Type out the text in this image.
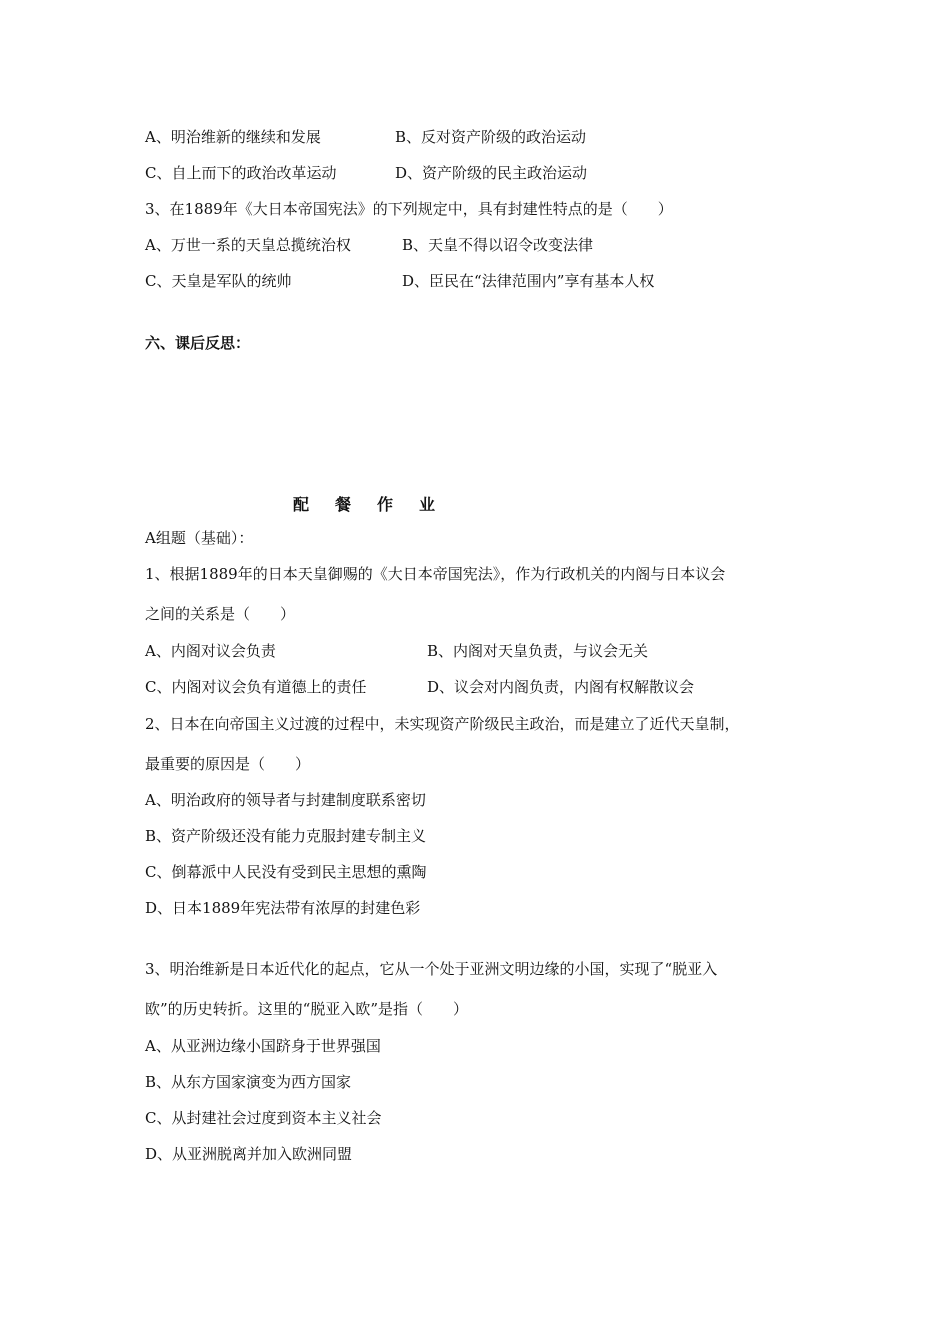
A、明治维新的继续和发展	B、反对资产阶级的政治运动
C、自上而下的政治改革运动	D、资产阶级的民主政治运动
3、在1889年《大日本帝国宪法》的下列规定中，具有封建性特点的是（　　）
A、万世一系的天皇总揽统治权	B、天皇不得以诏令改变法律
C、天皇是军队的统帅	D、臣民在“法律范围内”享有基本人权
六、课后反思：
配 餐 作 业
A组题（基础）：
1、根据1889年的日本天皇御赐的《大日本帝国宪法》，作为行政机关的内阁与日本议会
之间的关系是（　　）
A、内阁对议会负责	B、内阁对天皇负责，与议会无关
C、内阁对议会负有道德上的责任	D、议会对内阁负责，内阁有权解散议会
2、日本在向帝国主义过渡的过程中，未实现资产阶级民主政治，而是建立了近代天皇制，
最重要的原因是（　　）
A、明治政府的领导者与封建制度联系密切
B、资产阶级还没有能力克服封建专制主义
C、倒幕派中人民没有受到民主思想的熏陶
D、日本1889年宪法带有浓厚的封建色彩
3、明治维新是日本近代化的起点，它从一个处于亚洲文明边缘的小国，实现了“脱亚入
欧”的历史转折。这里的“脱亚入欧”是指（　　）
A、从亚洲边缘小国跻身于世界强国
B、从东方国家演变为西方国家
C、从封建社会过度到资本主义社会
D、从亚洲脱离并加入欧洲同盟
